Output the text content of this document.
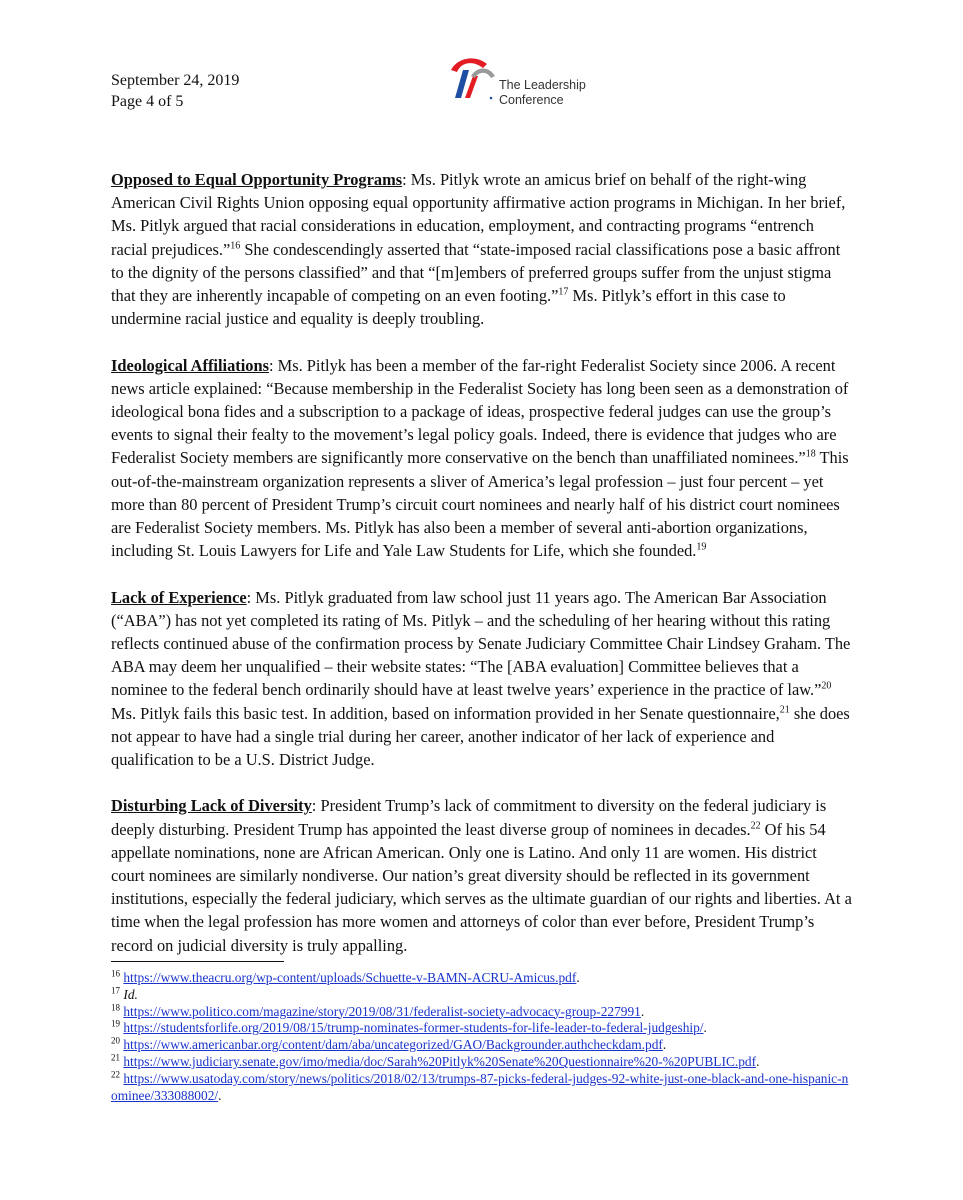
September 24, 2019
Page 4 of 5
The Leadership
Conference

Opposed to Equal Opportunity Programs: Ms. Pitlyk wrote an amicus brief on behalf of the right-wing American Civil Rights Union opposing equal opportunity affirmative action programs in Michigan. In her brief, Ms. Pitlyk argued that racial considerations in education, employment, and contracting programs “entrench racial prejudices.”$^{16}$ She condescendingly asserted that “state-imposed racial classifications pose a basic affront to the dignity of the persons classified” and that “[m]embers of preferred groups suffer from the unjust stigma that they are inherently incapable of competing on an even footing.”$^{17}$ Ms. Pitlyk’s effort in this case to undermine racial justice and equality is deeply troubling.

Ideological Affiliations: Ms. Pitlyk has been a member of the far-right Federalist Society since 2006. A recent news article explained: “Because membership in the Federalist Society has long been seen as a demonstration of ideological bona fides and a subscription to a package of ideas, prospective federal judges can use the group’s events to signal their fealty to the movement’s legal policy goals. Indeed, there is evidence that judges who are Federalist Society members are significantly more conservative on the bench than unaffiliated nominees.”$^{18}$ This out-of-the-mainstream organization represents a sliver of America’s legal profession – just four percent – yet more than 80 percent of President Trump’s circuit court nominees and nearly half of his district court nominees are Federalist Society members. Ms. Pitlyk has also been a member of several anti-abortion organizations, including St. Louis Lawyers for Life and Yale Law Students for Life, which she founded.$^{19}$

Lack of Experience: Ms. Pitlyk graduated from law school just 11 years ago. The American Bar Association (“ABA”) has not yet completed its rating of Ms. Pitlyk – and the scheduling of her hearing without this rating reflects continued abuse of the confirmation process by Senate Judiciary Committee Chair Lindsey Graham. The ABA may deem her unqualified – their website states: “The [ABA evaluation] Committee believes that a nominee to the federal bench ordinarily should have at least twelve years’ experience in the practice of law.”$^{20}$ Ms. Pitlyk fails this basic test. In addition, based on information provided in her Senate questionnaire,$^{21}$ she does not appear to have had a single trial during her career, another indicator of her lack of experience and qualification to be a U.S. District Judge.

Disturbing Lack of Diversity: President Trump’s lack of commitment to diversity on the federal judiciary is deeply disturbing. President Trump has appointed the least diverse group of nominees in decades.$^{22}$ Of his 54 appellate nominations, none are African American. Only one is Latino. And only 11 are women. His district court nominees are similarly nondiverse. Our nation’s great diversity should be reflected in its government institutions, especially the federal judiciary, which serves as the ultimate guardian of our rights and liberties. At a time when the legal profession has more women and attorneys of color than ever before, President Trump’s record on judicial diversity is truly appalling.

$^{16}$ https://www.theacru.org/wp-content/uploads/Schuette-v-BAMN-ACRU-Amicus.pdf.
$^{17}$ Id.
$^{18}$ https://www.politico.com/magazine/story/2019/08/31/federalist-society-advocacy-group-227991.
$^{19}$ https://studentsforlife.org/2019/08/15/trump-nominates-former-students-for-life-leader-to-federal-judgeship/.
$^{20}$ https://www.americanbar.org/content/dam/aba/uncategorized/GAO/Backgrounder.authcheckdam.pdf.
$^{21}$ https://www.judiciary.senate.gov/imo/media/doc/Sarah%20Pitlyk%20Senate%20Questionnaire%20-%20PUBLIC.pdf.
$^{22}$ https://www.usatoday.com/story/news/politics/2018/02/13/trumps-87-picks-federal-judges-92-white-just-one-black-and-one-hispanic-nominee/333088002/.
